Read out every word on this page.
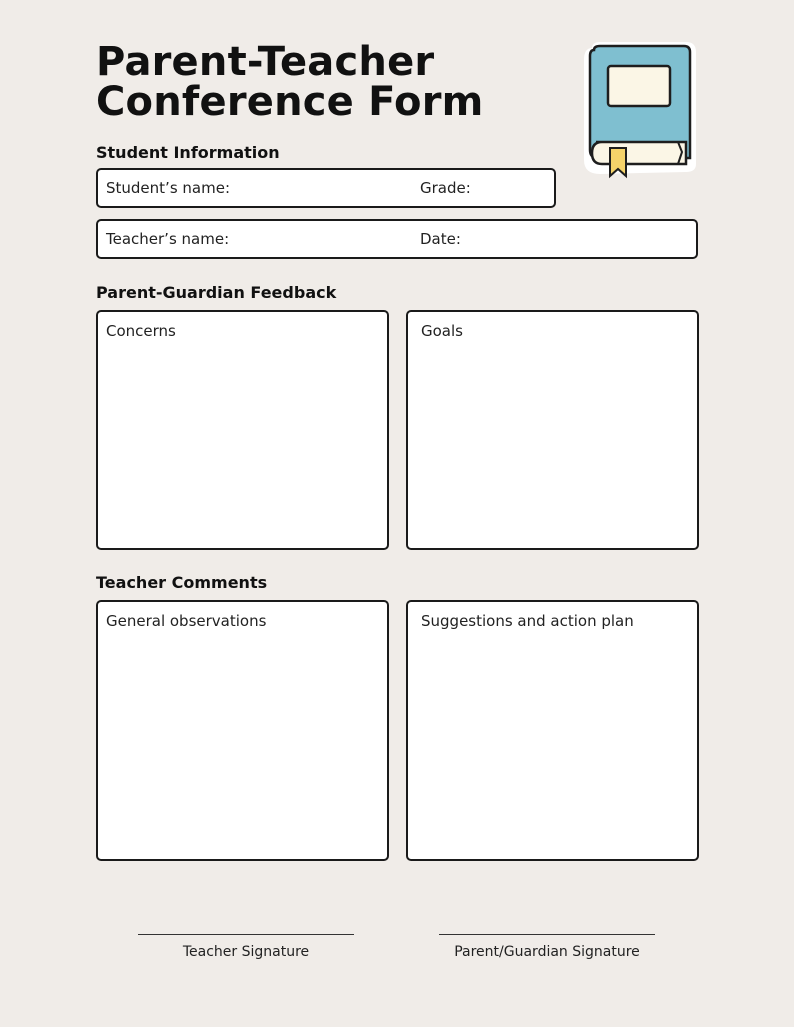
Parent-Teacher
Conference Form
Student Information
Student’s name:	Grade:
Teacher’s name:	Date:
Parent-Guardian Feedback
Concerns	Goals
Teacher Comments
General observations	Suggestions and action plan
Teacher Signature	Parent/Guardian Signature
